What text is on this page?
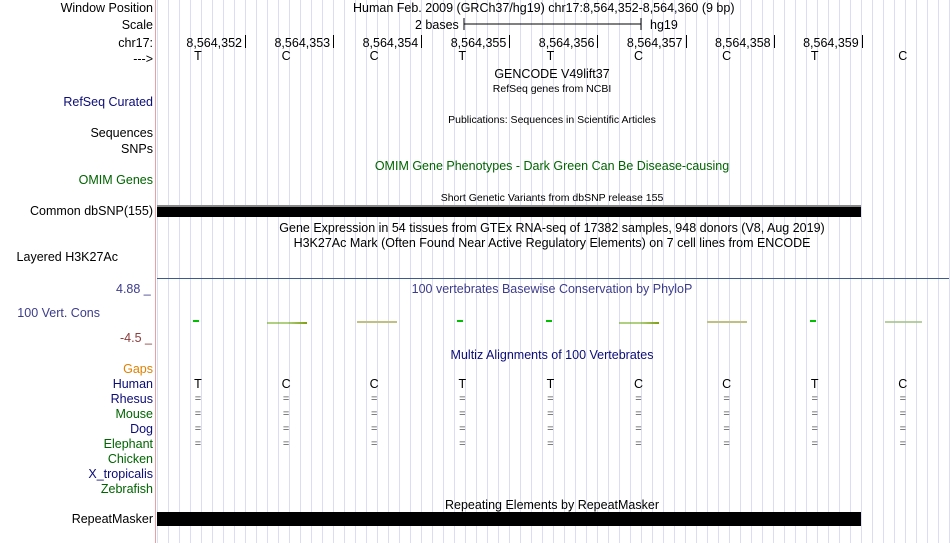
Window Position
Scale
chr17:
--->
RefSeq Curated
Sequences
SNPs
OMIM Genes
Common dbSNP(155)
Layered H3K27Ac
100 Vert. Cons
Gaps
Human
Rhesus
Mouse
Dog
Elephant
Chicken
X_tropicalis
Zebrafish
RepeatMasker
4.88 _
-4.5 _
Human Feb. 2009 (GRCh37/hg19) chr17:8,564,352-8,564,360 (9 bp)
2 bases	hg19
8,564,352	8,564,353	8,564,354	8,564,355	8,564,356	8,564,357	8,564,358	8,564,359
T	C	C	T	T	C	C	T	C
GENCODE V49lift37
RefSeq genes from NCBI
Publications: Sequences in Scientific Articles
OMIM Gene Phenotypes - Dark Green Can Be Disease-causing
Short Genetic Variants from dbSNP release 155
Gene Expression in 54 tissues from GTEx RNA-seq of 17382 samples, 948 donors (V8, Aug 2019)
H3K27Ac Mark (Often Found Near Active Regulatory Elements) on 7 cell lines from ENCODE
100 vertebrates Basewise Conservation by PhyloP
Multiz Alignments of 100 Vertebrates
T	C	C	T	T	C	C	T	C
=	=	=	=	=	=	=	=	=
=	=	=	=	=	=	=	=	=
=	=	=	=	=	=	=	=	=
=	=	=	=	=	=	=	=	=
Repeating Elements by RepeatMasker
